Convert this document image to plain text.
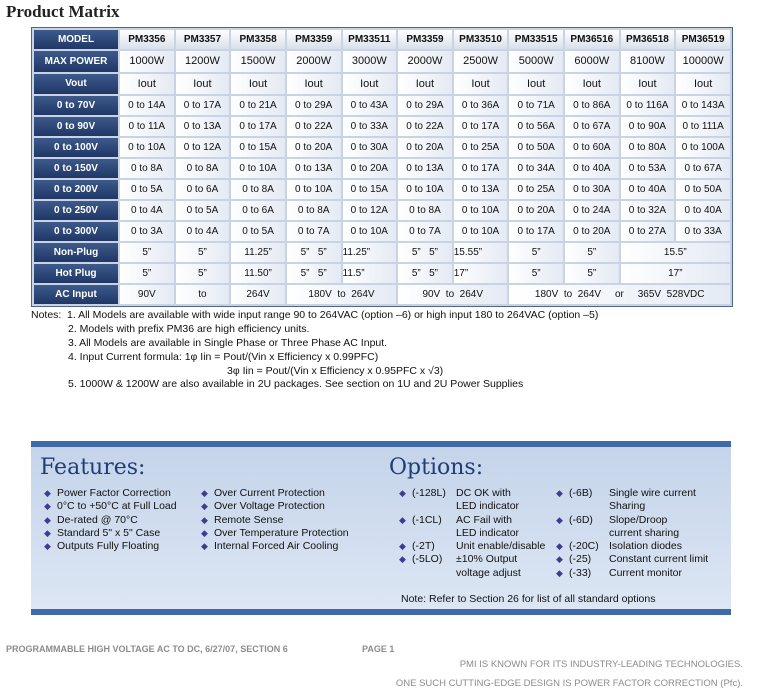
Product Matrix
MODEL	PM3356	PM3357	PM3358	PM3359	PM33511	PM3359	PM33510	PM33515	PM36516	PM36518	PM36519
MAX POWER	1000W	1200W	1500W	2000W	3000W	2000W	2500W	5000W	6000W	8100W	10000W
Vout	Iout	Iout	Iout	Iout	Iout	Iout	Iout	Iout	Iout	Iout	Iout
0 to 70V	0 to 14A	0 to 17A	0 to 21A	0 to 29A	0 to 43A	0 to 29A	0 to 36A	0 to 71A	0 to 86A	0 to 116A	0 to 143A
0 to 90V	0 to 11A	0 to 13A	0 to 17A	0 to 22A	0 to 33A	0 to 22A	0 to 17A	0 to 56A	0 to 67A	0 to 90A	0 to 111A
0 to 100V	0 to 10A	0 to 12A	0 to 15A	0 to 20A	0 to 30A	0 to 20A	0 to 25A	0 to 50A	0 to 60A	0 to 80A	0 to 100A
0 to 150V	0 to 8A	0 to 8A	0 to 10A	0 to 13A	0 to 20A	0 to 13A	0 to 17A	0 to 34A	0 to 40A	0 to 53A	0 to 67A
0 to 200V	0 to 5A	0 to 6A	0 to 8A	0 to 10A	0 to 15A	0 to 10A	0 to 13A	0 to 25A	0 to 30A	0 to 40A	0 to 50A
0 to 250V	0 to 4A	0 to 5A	0 to 6A	0 to 8A	0 to 12A	0 to 8A	0 to 10A	0 to 20A	0 to 24A	0 to 32A	0 to 40A
0 to 300V	0 to 3A	0 to 4A	0 to 5A	0 to 7A	0 to 10A	0 to 7A	0 to 10A	0 to 17A	0 to 20A	0 to 27A	0 to 33A
Non-Plug	5”	5”	11.25”	5” 5”	11.25”	5” 5”	15.55”	5”	5”	15.5”	
Hot Plug	5”	5”	11.50”	5” 5”	11.5”	5” 5”	17”	5”	5”	17”	
AC Input	90V	to	264V	180V  to  264V		90V  to  264V		180V  to  264V     or     365V  528VDC			
Notes: 1. All Models are available with wide input range 90 to 264VAC (option –6) or high input 180 to 264VAC (option –5)
2. Models with prefix PM36 are high efficiency units.
3. All Models are available in Single Phase or Three Phase AC Input.
4. Input Current formula: 1φ Iin = Pout/(Vin x Efficiency x 0.99PFC)
3φ Iin = Pout/(Vin x Efficiency x 0.95PFC x √3)
5. 1000W & 1200W are also available in 2U packages. See section on 1U and 2U Power Supplies
Features:
◆ Power Factor Correction
◆ 0°C to +50°C at Full Load
◆ De-rated @ 70°C
◆ Standard 5" x 5" Case
◆ Outputs Fully Floating
◆ Over Current Protection
◆ Over Voltage Protection
◆ Remote Sense
◆ Over Temperature Protection
◆ Internal Forced Air Cooling
Options:
◆ (-128L) DC OK with
LED indicator
◆ (-1CL) AC Fail with
LED indicator
◆ (-2T) Unit enable/disable
◆ (-5LO) ±10% Output
voltage adjust
◆ (-6B) Single wire current
Sharing
◆ (-6D) Slope/Droop
current sharing
◆ (-20C) Isolation diodes
◆ (-25) Constant current limit
◆ (-33) Current monitor
Note: Refer to Section 26 for list of all standard options
PROGRAMMABLE HIGH VOLTAGE AC TO DC, 6/27/07, SECTION 6	PAGE 1
PMI IS KNOWN FOR ITS INDUSTRY-LEADING TECHNOLOGIES.
ONE SUCH CUTTING-EDGE DESIGN IS POWER FACTOR CORRECTION (Pfc).
